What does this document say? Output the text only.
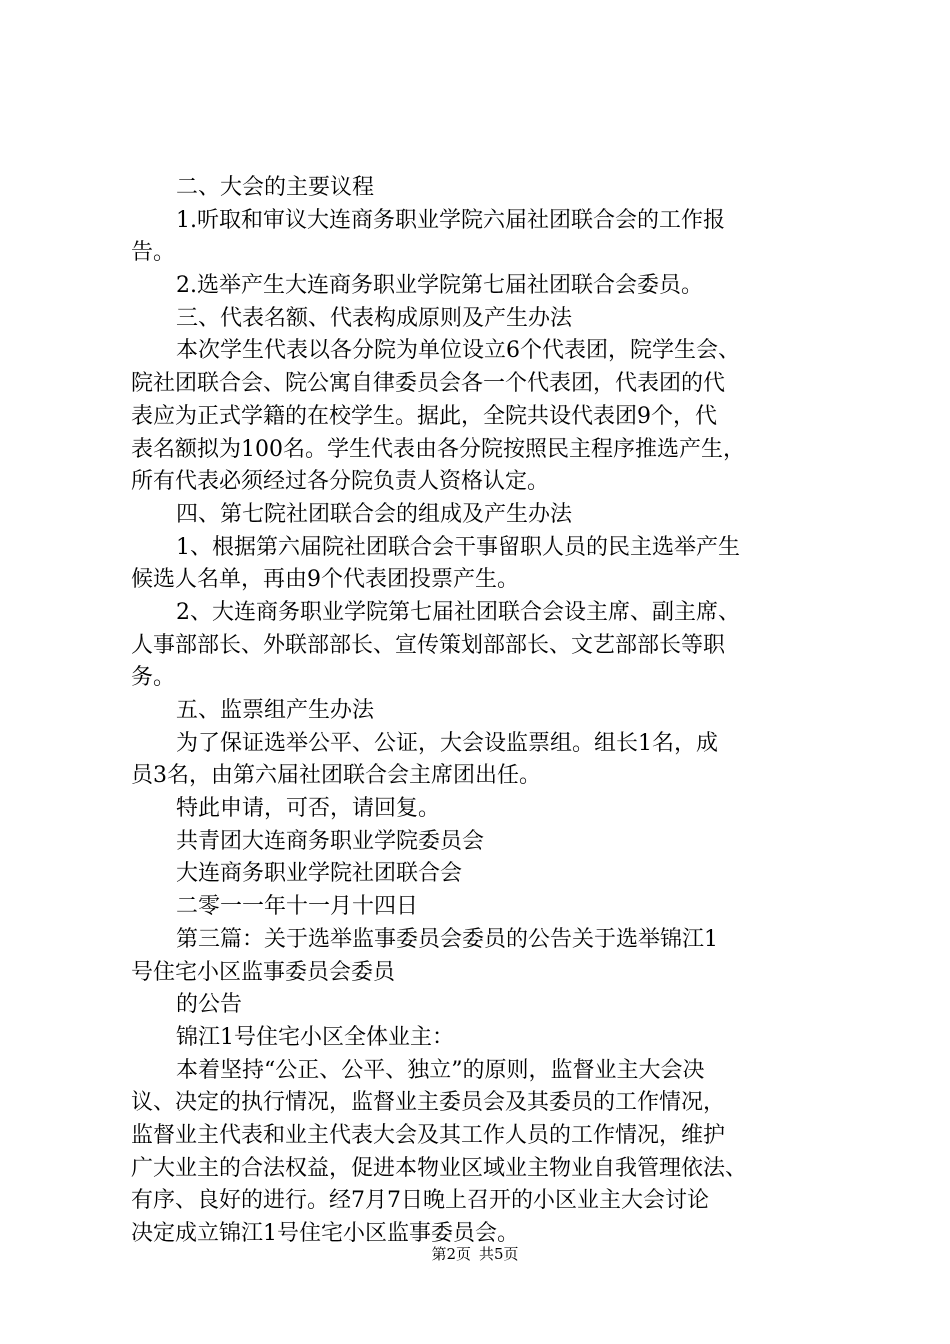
二、大会的主要议程
1.听取和审议大连商务职业学院六届社团联合会的工作报
告。
2.选举产生大连商务职业学院第七届社团联合会委员。
三、代表名额、代表构成原则及产生办法
本次学生代表以各分院为单位设立6个代表团，院学生会、
院社团联合会、院公寓自律委员会各一个代表团，代表团的代
表应为正式学籍的在校学生。据此，全院共设代表团9个，代
表名额拟为100名。学生代表由各分院按照民主程序推选产生，
所有代表必须经过各分院负责人资格认定。
四、第七院社团联合会的组成及产生办法
1、根据第六届院社团联合会干事留职人员的民主选举产生
候选人名单，再由9个代表团投票产生。
2、大连商务职业学院第七届社团联合会设主席、副主席、
人事部部长、外联部部长、宣传策划部部长、文艺部部长等职
务。
五、监票组产生办法
为了保证选举公平、公证，大会设监票组。组长1名，成
员3名，由第六届社团联合会主席团出任。
特此申请，可否，请回复。
共青团大连商务职业学院委员会
大连商务职业学院社团联合会
二零一一年十一月十四日
第三篇：关于选举监事委员会委员的公告关于选举锦江1
号住宅小区监事委员会委员
的公告
锦江1号住宅小区全体业主：
本着坚持“公正、公平、独立”的原则，监督业主大会决
议、决定的执行情况，监督业主委员会及其委员的工作情况，
监督业主代表和业主代表大会及其工作人员的工作情况，维护
广大业主的合法权益，促进本物业区域业主物业自我管理依法、
有序、良好的进行。经7月7日晚上召开的小区业主大会讨论
决定成立锦江1号住宅小区监事委员会。
第2页 共5页
